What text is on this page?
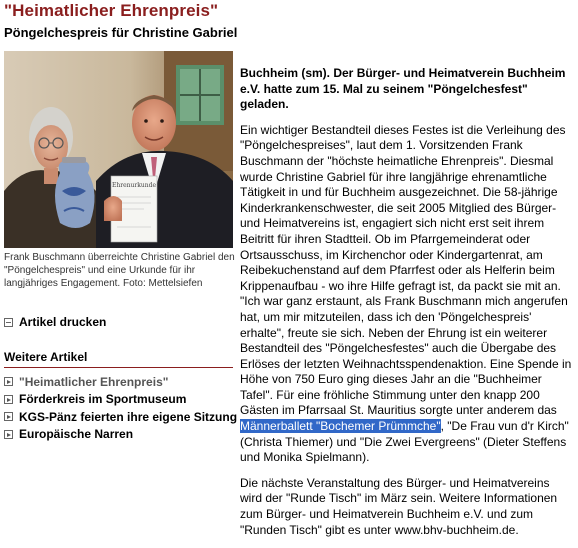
"Heimatlicher Ehrenpreis"
Pöngelchespreis für Christine Gabriel
Ehrenurkunde
Frank Buschmann überreichte Christine Gabriel den "Pöngelchespreis" und eine Urkunde für ihr langjähriges Engagement. Foto: Mettelsiefen
Artikel drucken
Weitere Artikel
"Heimatlicher Ehrenpreis"
Förderkreis im Sportmuseum
KGS-Pänz feierten ihre eigene Sitzung
Europäische Narren

Buchheim (sm). Der Bürger- und Heimatverein Buchheim e.V. hatte zum 15. Mal zu seinem "Pöngelchesfest" geladen.

Ein wichtiger Bestandteil dieses Festes ist die Verleihung des "Pöngelchespreises", laut dem 1. Vorsitzenden Frank Buschmann der "höchste heimatliche Ehrenpreis". Diesmal wurde Christine Gabriel für ihre langjährige ehrenamtliche Tätigkeit in und für Buchheim ausgezeichnet. Die 58-jährige Kinderkrankenschwester, die seit 2005 Mitglied des Bürger- und Heimatvereins ist, engagiert sich nicht erst seit ihrem Beitritt für ihren Stadtteil. Ob im Pfarrgemeinderat oder Ortsausschuss, im Kirchenchor oder Kindergartenrat, am Reibekuchenstand auf dem Pfarrfest oder als Helferin beim Krippenaufbau - wo ihre Hilfe gefragt ist, da packt sie mit an. "Ich war ganz erstaunt, als Frank Buschmann mich angerufen hat, um mir mitzuteilen, dass ich den 'Pöngelchespreis' erhalte", freute sie sich. Neben der Ehrung ist ein weiterer Bestandteil des "Pöngelchesfestes" auch die Übergabe des Erlöses der letzten Weihnachtsspendenaktion. Eine Spende in Höhe von 750 Euro ging dieses Jahr an die "Buchheimer Tafel". Für eine fröhliche Stimmung unter den knapp 200 Gästen im Pfarrsaal St. Mauritius sorgte unter anderem das Männerballett "Bochemer Prümmche", "De Frau vun d'r Kirch" (Christa Thiemer) und "Die Zwei Evergreens" (Dieter Steffens und Monika Spielmann).

Die nächste Veranstaltung des Bürger- und Heimatvereins wird der "Runde Tisch" im März sein. Weitere Informationen zum Bürger- und Heimatverein Buchheim e.V. und zum "Runden Tisch" gibt es unter www.bhv-buchheim.de.
